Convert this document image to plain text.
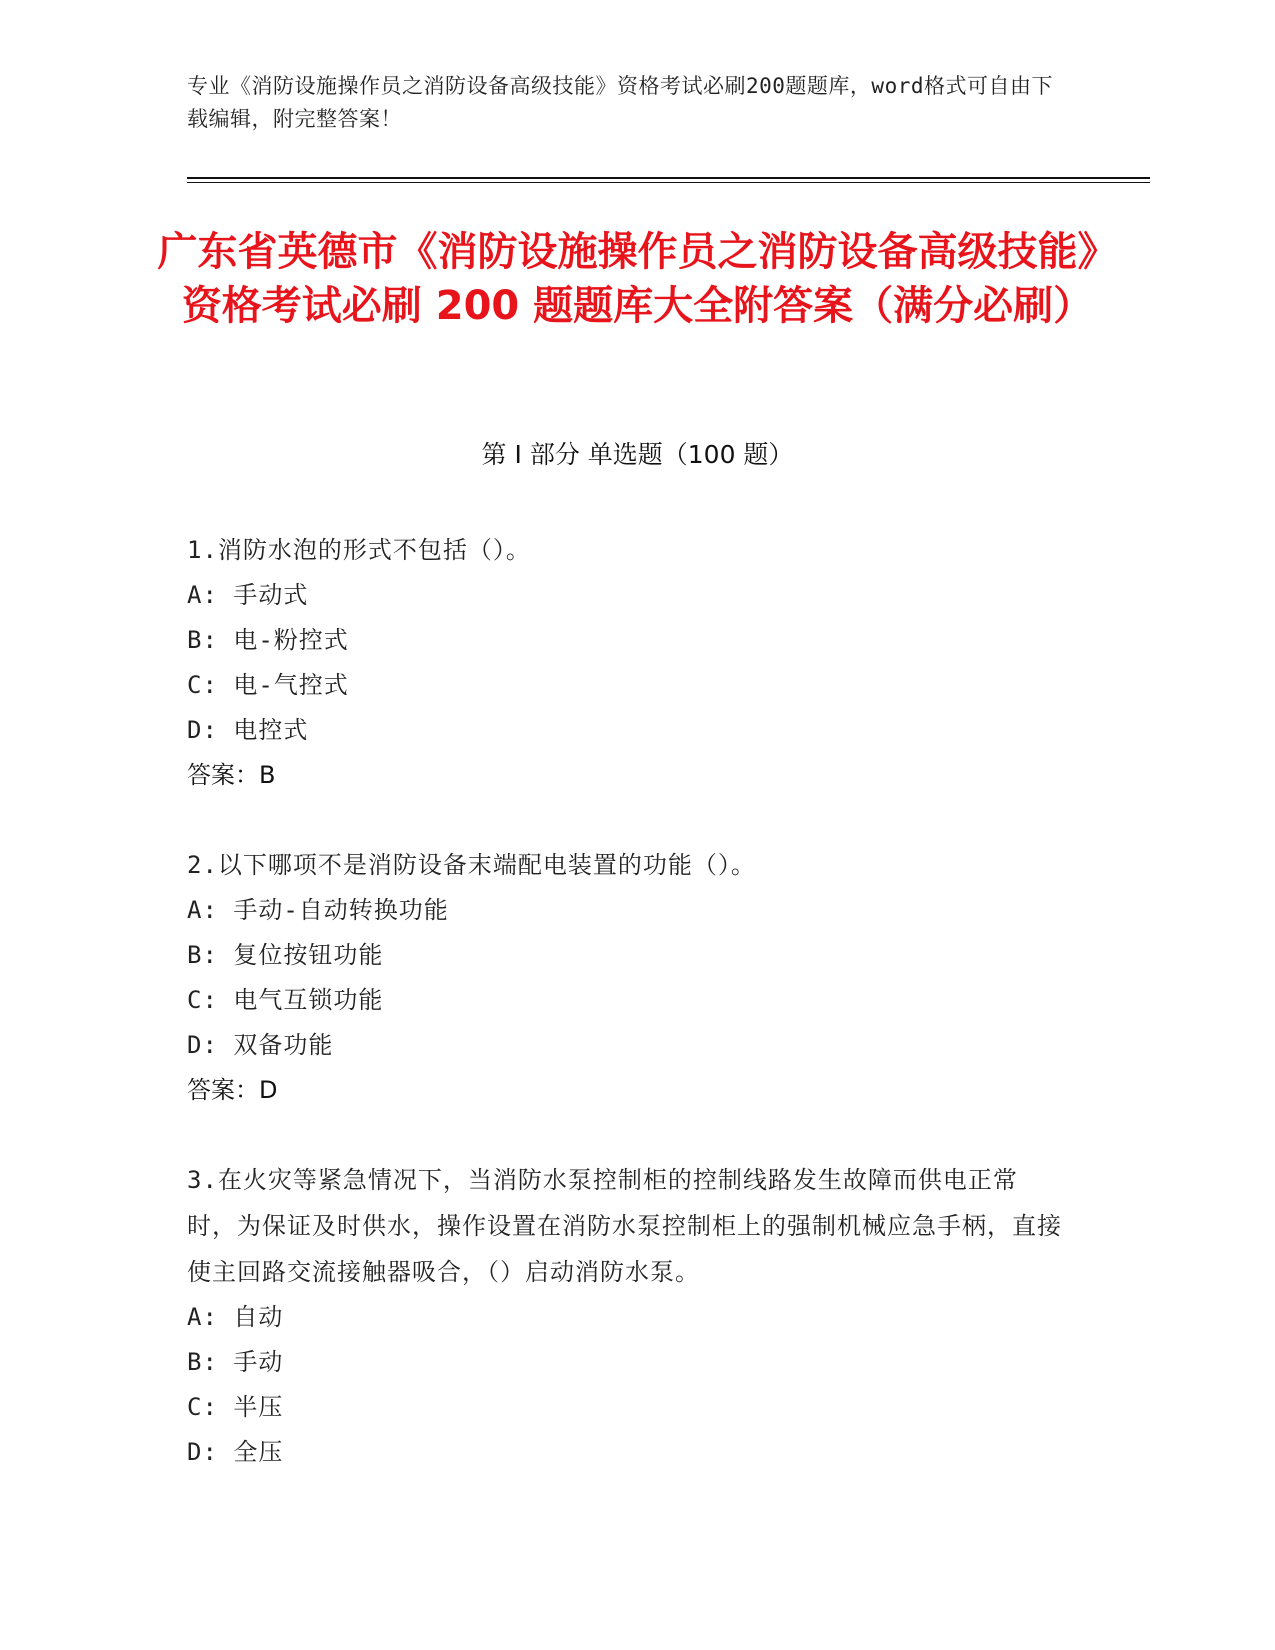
专业《消防设施操作员之消防设备高级技能》资格考试必刷200题题库，word格式可自由下载编辑，附完整答案！
广东省英德市《消防设施操作员之消防设备高级技能》资格考试必刷 200 题题库大全附答案（满分必刷）
第 I 部分 单选题（100 题）
1.消防水泡的形式不包括（）。
A: 手动式
B: 电-粉控式
C: 电-气控式
D: 电控式
答案：B
2.以下哪项不是消防设备末端配电装置的功能（）。
A: 手动-自动转换功能
B: 复位按钮功能
C: 电气互锁功能
D: 双备功能
答案：D
3.在火灾等紧急情况下，当消防水泵控制柜的控制线路发生故障而供电正常时，为保证及时供水，操作设置在消防水泵控制柜上的强制机械应急手柄，直接使主回路交流接触器吸合，（）启动消防水泵。
A: 自动
B: 手动
C: 半压
D: 全压
